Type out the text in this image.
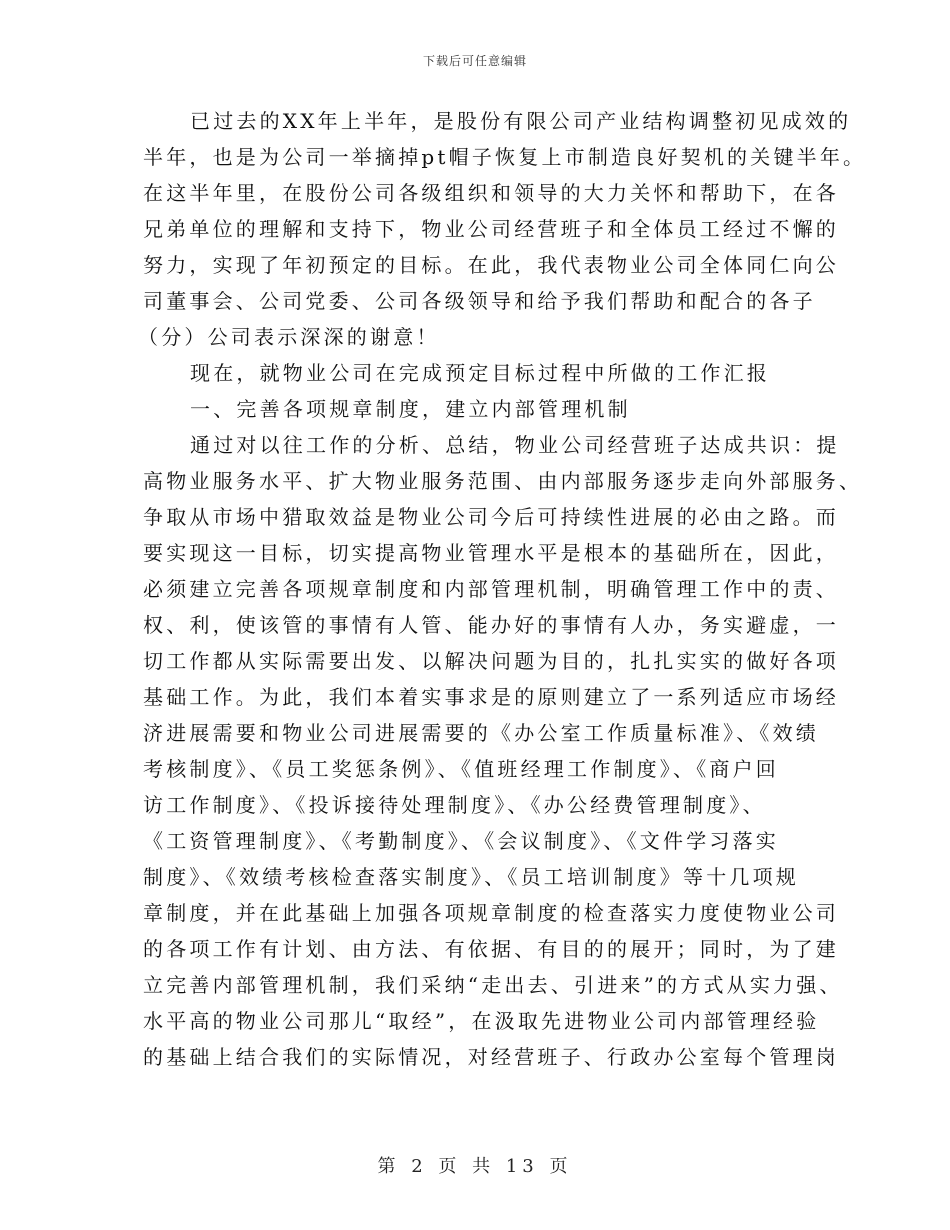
下载后可任意编辑
已过去的XX年上半年，是股份有限公司产业结构调整初见成效的
半年，也是为公司一举摘掉pt帽子恢复上市制造良好契机的关键半年。
在这半年里，在股份公司各级组织和领导的大力关怀和帮助下，在各
兄弟单位的理解和支持下，物业公司经营班子和全体员工经过不懈的
努力，实现了年初预定的目标。在此，我代表物业公司全体同仁向公
司董事会、公司党委、公司各级领导和给予我们帮助和配合的各子
（分）公司表示深深的谢意！
现在，就物业公司在完成预定目标过程中所做的工作汇报
一、完善各项规章制度，建立内部管理机制
通过对以往工作的分析、总结，物业公司经营班子达成共识：提
高物业服务水平、扩大物业服务范围、由内部服务逐步走向外部服务、
争取从市场中猎取效益是物业公司今后可持续性进展的必由之路。而
要实现这一目标，切实提高物业管理水平是根本的基础所在，因此，
必须建立完善各项规章制度和内部管理机制，明确管理工作中的责、
权、利，使该管的事情有人管、能办好的事情有人办，务实避虚，一
切工作都从实际需要出发、以解决问题为目的，扎扎实实的做好各项
基础工作。为此，我们本着实事求是的原则建立了一系列适应市场经
济进展需要和物业公司进展需要的《办公室工作质量标准》、《效绩
考核制度》、《员工奖惩条例》、《值班经理工作制度》、《商户回
访工作制度》、《投诉接待处理制度》、《办公经费管理制度》、
《工资管理制度》、《考勤制度》、《会议制度》、《文件学习落实
制度》、《效绩考核检查落实制度》、《员工培训制度》等十几项规
章制度，并在此基础上加强各项规章制度的检查落实力度使物业公司
的各项工作有计划、由方法、有依据、有目的的展开；同时，为了建
立完善内部管理机制，我们采纳“走出去、引进来”的方式从实力强、
水平高的物业公司那儿“取经”，在汲取先进物业公司内部管理经验
的基础上结合我们的实际情况，对经营班子、行政办公室每个管理岗
第 2 页 共 13 页
